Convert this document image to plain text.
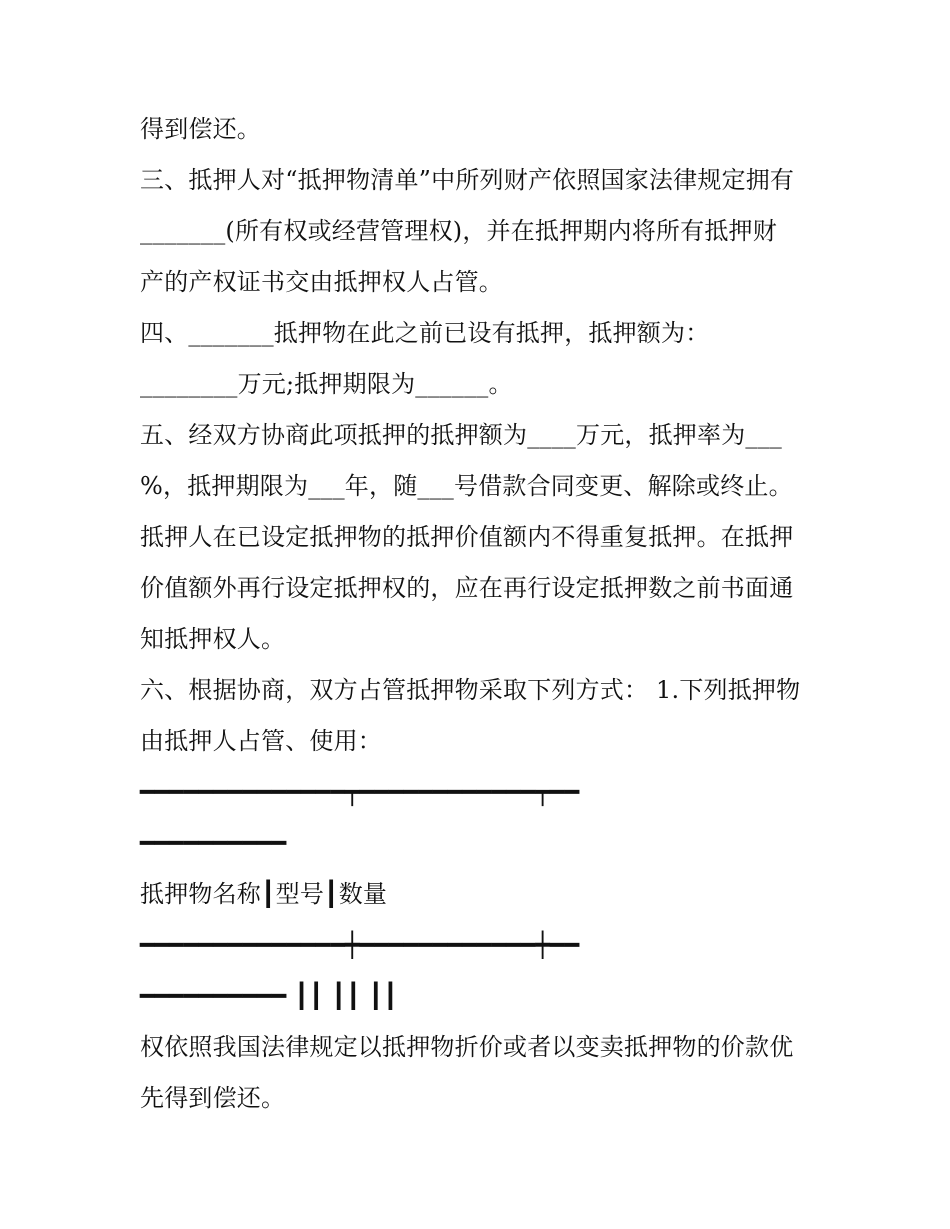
得到偿还。
三、抵押人对“抵押物清单”中所列财产依照国家法律规定拥有
_______(所有权或经营管理权)，并在抵押期内将所有抵押财
产的产权证书交由抵押权人占管。
四、_______抵押物在此之前已设有抵押，抵押额为：
________万元;抵押期限为______。
五、经双方协商此项抵押的抵押额为____万元，抵押率为___
%，抵押期限为___年，随___号借款合同变更、解除或终止。
抵押人在已设定抵押物的抵押价值额内不得重复抵押。在抵押
价值额外再行设定抵押权的，应在再行设定抵押数之前书面通
知抵押权人。
六、根据协商，双方占管抵押物采取下列方式： 1.下列抵押物
由抵押人占管、使用：
━━━━━━━━━━━━━━┯━━━━━━━━━━━━┯━━
━━━━━━━━━━
抵押物名称┃型号┃数量
━━━━━━━━━━━━━━┿━━━━━━━━━━━━┿━━
━━━━━━━━━━ ┃┃ ┃┃ ┃┃
权依照我国法律规定以抵押物折价或者以变卖抵押物的价款优
先得到偿还。
